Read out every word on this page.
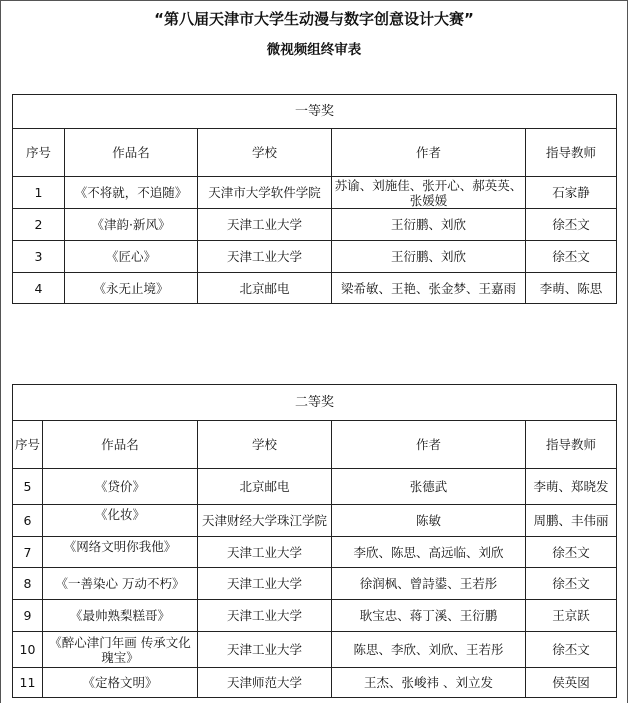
“第八届天津市大学生动漫与数字创意设计大赛”
微视频组终审表
一等奖				
序号	作品名	学校	作者	指导教师
1	《不将就，不追随》	天津市大学软件学院	苏谕、刘施佳、张开心、郝英英、张媛媛	石家静
2	《津韵·新风》	天津工业大学	王衍鹏、刘欣	徐丕文
3	《匠心》	天津工业大学	王衍鹏、刘欣	徐丕文
4	《永无止境》	北京邮电	梁希敏、王艳、张金梦、王嘉雨	李萌、陈思
二等奖				
序号	作品名	学校	作者	指导教师
5	《贷价》	北京邮电	张德武	李萌、郑晓发
6	《化妆》	天津财经大学珠江学院	陈敏	周鹏、丰伟丽
7	《网络文明你我他》	天津工业大学	李欣、陈思、高远临、刘欣	徐丕文
8	《一善染心 万动不朽》	天津工业大学	徐润枫、曾詩鍙、王若彤	徐丕文
9	《最帅熟梨糕哥》	天津工业大学	耿宝忠、蒋丁溪、王衍鹏	王京跃
10	《醉心津门年画 传承文化瑰宝》	天津工业大学	陈思、李欣、刘欣、王若彤	徐丕文
11	《定格文明》	天津师范大学	王杰、张峻祎 、刘立发	侯英囡
